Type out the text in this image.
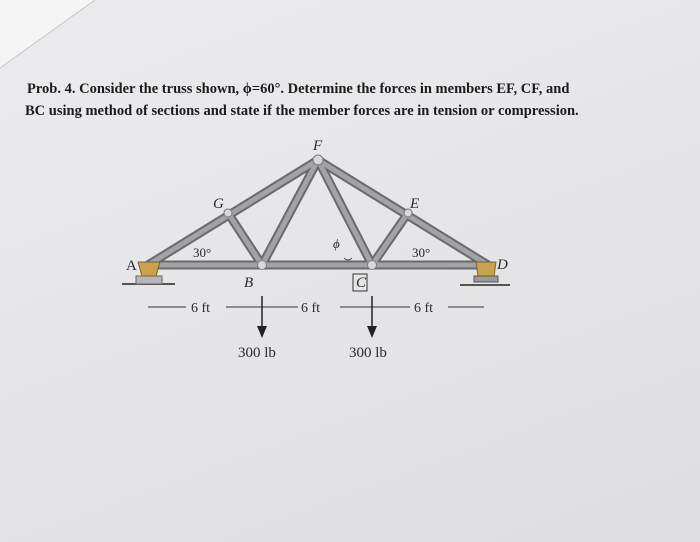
Prob. 4. Consider the truss shown, ϕ=60°. Determine the forces in members EF, CF, and
BC using method of sections and state if the member forces are in tension or compression.
A
G
F
E
D
B	C
30°	30°
ϕ
6 ft	6 ft	6 ft
300 lb	300 lb
